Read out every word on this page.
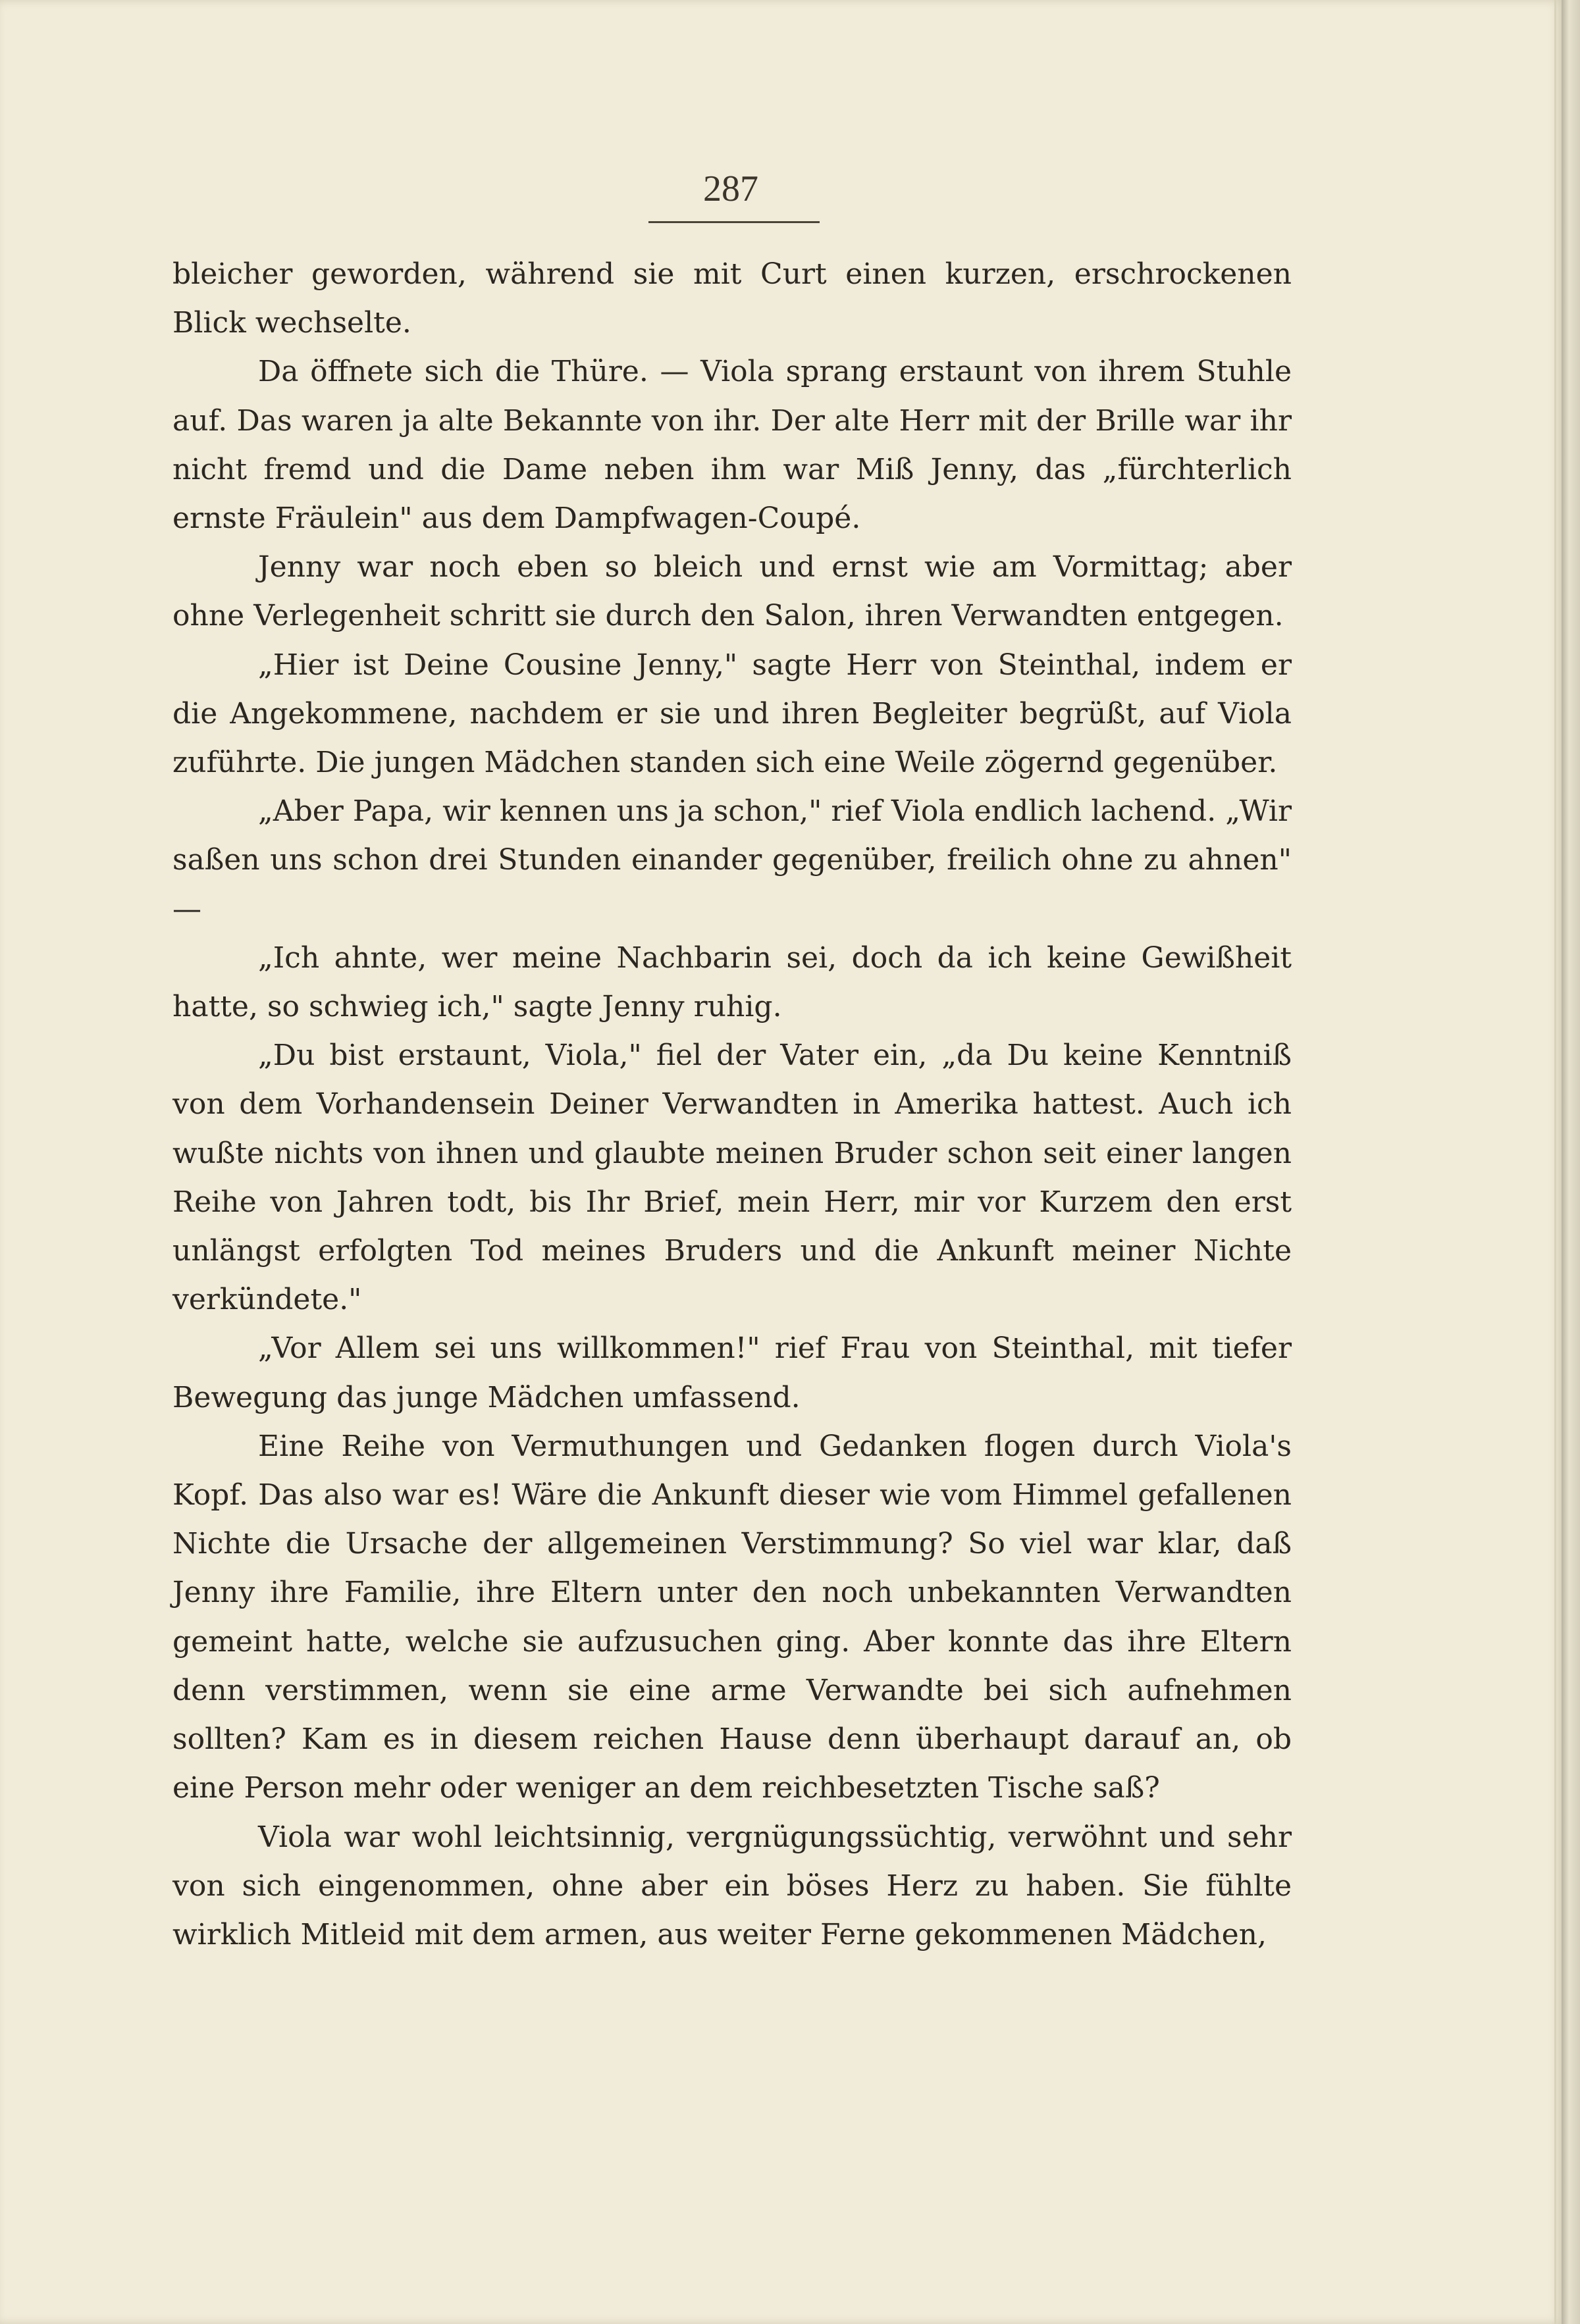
287

bleicher geworden, während sie mit Curt einen kurzen, erschrockenen Blick wechselte.

Da öffnete sich die Thüre. — Viola sprang erstaunt von ihrem Stuhle auf. Das waren ja alte Bekannte von ihr. Der alte Herr mit der Brille war ihr nicht fremd und die Dame neben ihm war Miß Jenny, das „fürchterlich ernste Fräulein" aus dem Dampfwagen-Coupé.

Jenny war noch eben so bleich und ernst wie am Vormittag; aber ohne Verlegenheit schritt sie durch den Salon, ihren Verwandten entgegen.

„Hier ist Deine Cousine Jenny," sagte Herr von Steinthal, indem er die Angekommene, nachdem er sie und ihren Begleiter begrüßt, auf Viola zuführte. Die jungen Mädchen standen sich eine Weile zögernd gegenüber.

„Aber Papa, wir kennen uns ja schon," rief Viola endlich lachend. „Wir saßen uns schon drei Stunden einander gegenüber, freilich ohne zu ahnen" —

„Ich ahnte, wer meine Nachbarin sei, doch da ich keine Gewißheit hatte, so schwieg ich," sagte Jenny ruhig.

„Du bist erstaunt, Viola," fiel der Vater ein, „da Du keine Kenntniß von dem Vorhandensein Deiner Verwandten in Amerika hattest. Auch ich wußte nichts von ihnen und glaubte meinen Bruder schon seit einer langen Reihe von Jahren todt, bis Ihr Brief, mein Herr, mir vor Kurzem den erst unlängst erfolgten Tod meines Bruders und die Ankunft meiner Nichte verkündete."

„Vor Allem sei uns willkommen!" rief Frau von Steinthal, mit tiefer Bewegung das junge Mädchen umfassend.

Eine Reihe von Vermuthungen und Gedanken flogen durch Viola's Kopf. Das also war es! Wäre die Ankunft dieser wie vom Himmel gefallenen Nichte die Ursache der allgemeinen Verstimmung? So viel war klar, daß Jenny ihre Familie, ihre Eltern unter den noch unbekannten Verwandten gemeint hatte, welche sie aufzusuchen ging. Aber konnte das ihre Eltern denn verstimmen, wenn sie eine arme Verwandte bei sich aufnehmen sollten? Kam es in diesem reichen Hause denn überhaupt darauf an, ob eine Person mehr oder weniger an dem reichbesetzten Tische saß?

Viola war wohl leichtsinnig, vergnügungssüchtig, verwöhnt und sehr von sich eingenommen, ohne aber ein böses Herz zu haben. Sie fühlte wirklich Mitleid mit dem armen, aus weiter Ferne gekommenen Mädchen,
